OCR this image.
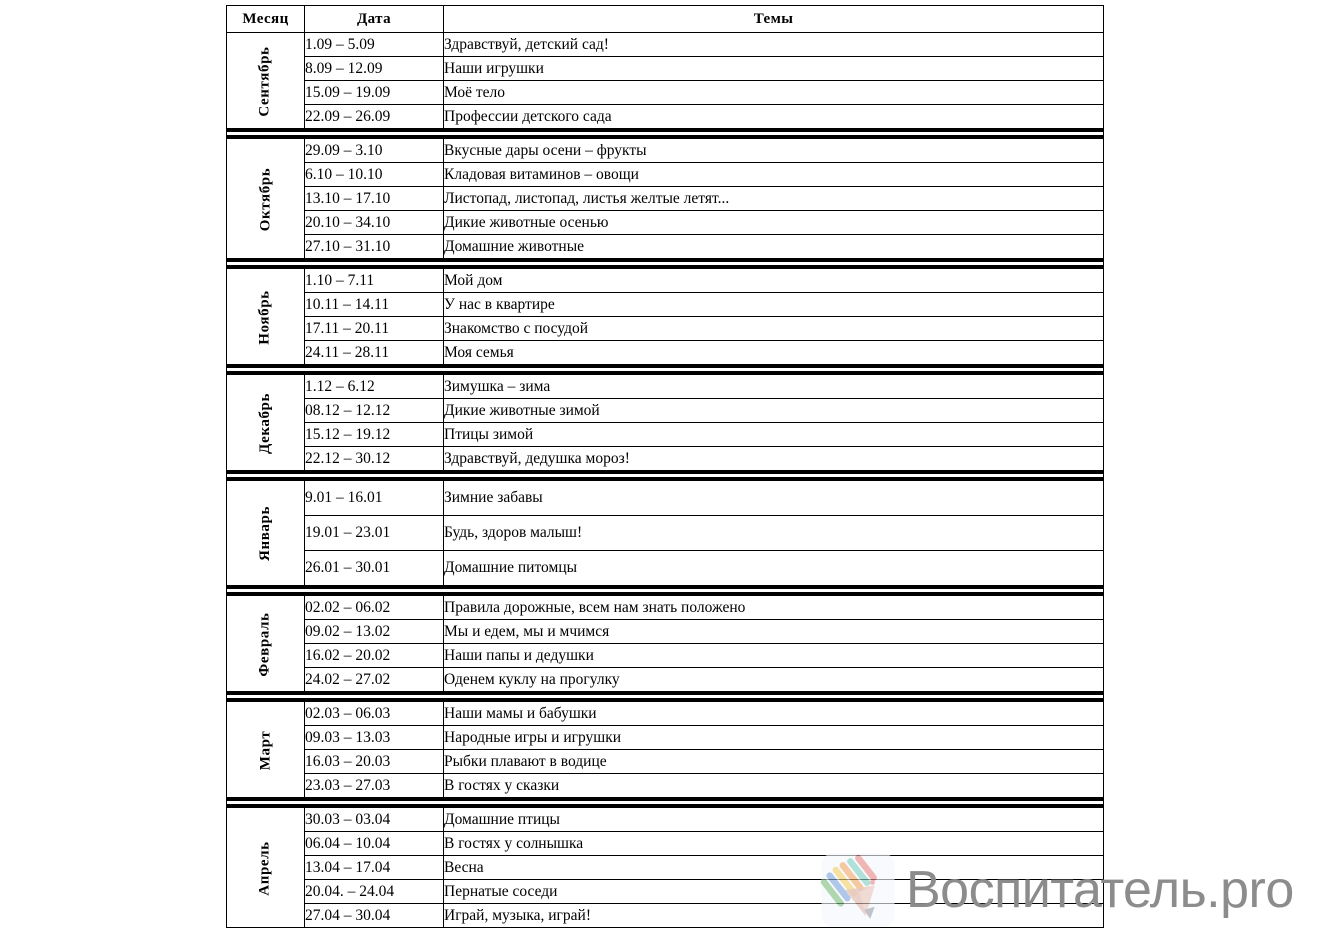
Месяц	Дата	Темы
Сентябрь	1.09 – 5.09	Здравствуй, детский сад!
	8.09 – 12.09	Наши игрушки
	15.09 – 19.09	Моё тело
	22.09 – 26.09	Профессии детского сада

Октябрь	29.09 – 3.10	Вкусные дары осени – фрукты
	6.10 – 10.10	Кладовая витаминов – овощи
	13.10 – 17.10	Листопад, листопад, листья желтые летят...
	20.10 – 34.10	Дикие животные осенью
	27.10 – 31.10	Домашние животные

Ноябрь	1.10 – 7.11	Мой дом
	10.11 – 14.11	У нас в квартире
	17.11 – 20.11	Знакомство с посудой
	24.11 – 28.11	Моя семья

Декабрь	1.12 – 6.12	Зимушка – зима
	08.12 – 12.12	Дикие животные зимой
	15.12 – 19.12	Птицы зимой
	22.12 – 30.12	Здравствуй, дедушка мороз!

Январь	9.01 – 16.01	Зимние забавы
	19.01 – 23.01	Будь, здоров малыш!
	26.01 – 30.01	Домашние питомцы

Февраль	02.02 – 06.02	Правила дорожные, всем нам знать положено
	09.02 – 13.02	Мы и едем, мы и мчимся
	16.02 – 20.02	Наши папы и дедушки
	24.02 – 27.02	Оденем куклу на прогулку

Март	02.03 – 06.03	Наши мамы и бабушки
	09.03 – 13.03	Народные игры и игрушки
	16.03 – 20.03	Рыбки плавают в водице
	23.03 – 27.03	В гостях у сказки

Апрель	30.03 – 03.04	Домашние птицы
	06.04 – 10.04	В гостях у солнышка
	13.04 – 17.04	Весна
	20.04. – 24.04	Пернатые соседи
	27.04 – 30.04	Играй, музыка, играй!	Воспитатель.pro
